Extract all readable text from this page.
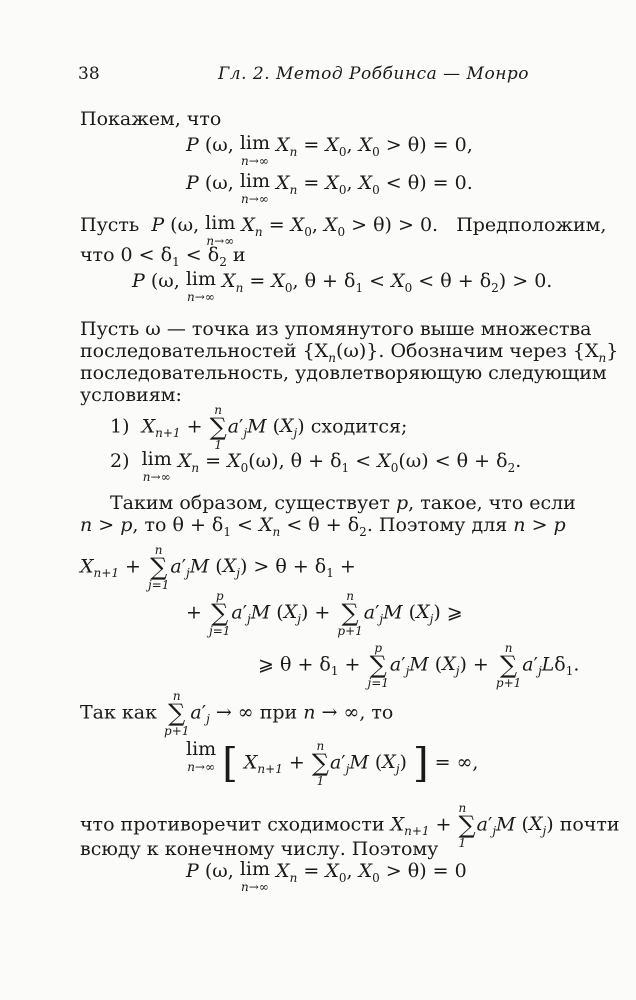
38	Гл. 2. Метод Роббинса — Монро
Покажем, что
P (ω, lim
n→∞
$X_n = X_0$, $X_0 > \theta) = 0$,
P (ω, lim
n→∞
$X_n = X_0$, $X_0 < \theta) = 0$.
Пусть P (ω, lim
n→∞
$X_n = X_0$, $X_0 > \theta) > 0$.   Предположим,
что $0 < \delta_1 < \delta_2$ и
P (ω, lim
n→∞
$X_n = X_0$, $\theta + \delta_1 < X_0 < \theta + \delta_2) > 0$.
Пусть ω — точка из упомянутого выше множества
последовательностей $\{X_n(\omega)\}$. Обозначим через $\{X_n\}$
последовательность, удовлетворяющую следующим
условиям:
1) $X_{n+1}$ +
n
∑
1
$a'_jM$ $(X_j)$ сходится;
2) lim
n→∞
$X_n = X_0(\omega)$, $\theta + \delta_1 < X_0(\omega) < \theta + \delta_2$.
Таким образом, существует p, такое, что если
n > p, то $\theta + \delta_1 < X_n < \theta + \delta_2$. Поэтому для n > p
$X_{n+1}$ +
n
∑
j=1
$a'_jM$ $(X_j) > \theta + \delta_1$ +
+
p
∑
j=1
$a'_jM$ $(X_j)$ +
n
∑
p+1
$a'_jM$ $(X_j)$ ⩾
⩾ $\theta + \delta_1$ +
p
∑
j=1
$a'_jM$ $(X_j)$ +
n
∑
p+1
$a'_jL\delta_1$.
Так как
n
∑
p+1
$a'_j$ → ∞ при n → ∞, то
lim
n→∞ [ $X_{n+1}$ +
n
∑
1
$a'_jM$ $(X_j)$ ] = ∞,
что противоречит сходимости $X_{n+1}$ +
n
∑
1
$a'_jM$ $(X_j)$ почти
всюду к конечному числу. Поэтому
P (ω, lim
n→∞
$X_n = X_0$, $X_0 > \theta) = 0$
